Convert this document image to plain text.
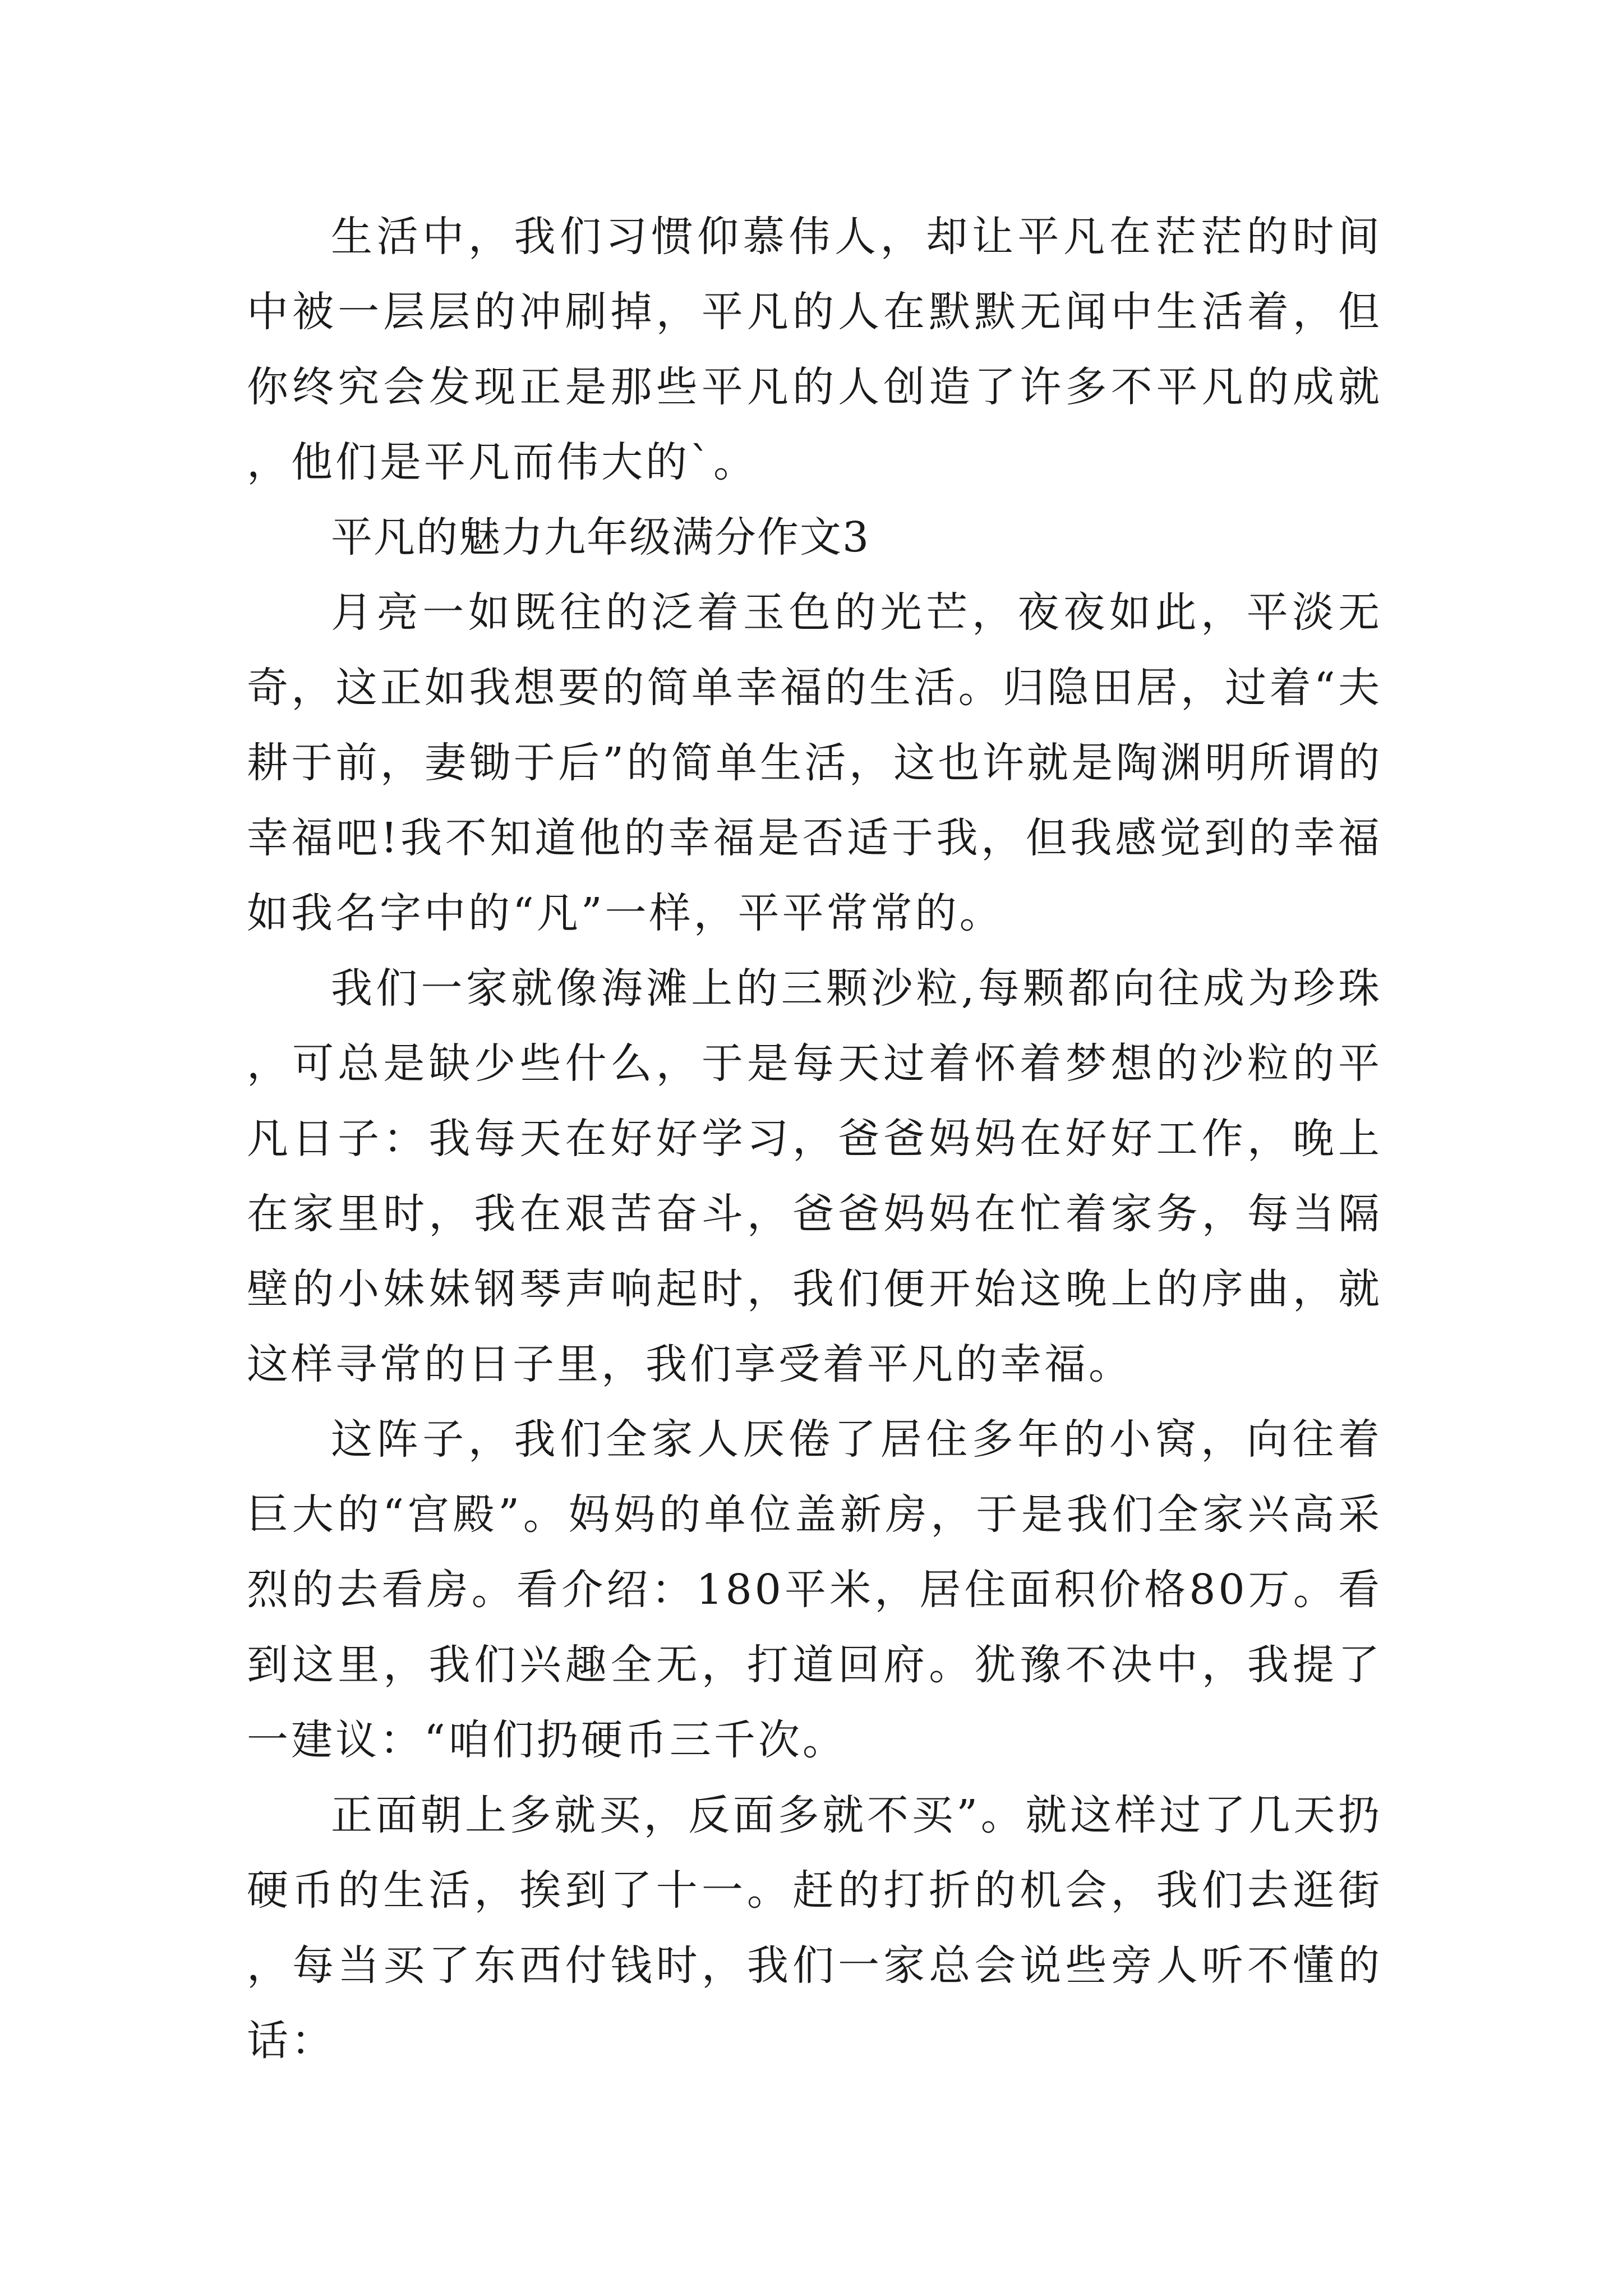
生活中，我们习惯仰慕伟人，却让平凡在茫茫的时间中被一层层的冲刷掉，平凡的人在默默无闻中生活着，但你终究会发现正是那些平凡的人创造了许多不平凡的成就，他们是平凡而伟大的`。

平凡的魅力九年级满分作文3

月亮一如既往的泛着玉色的光芒，夜夜如此，平淡无奇，这正如我想要的简单幸福的生活。归隐田居，过着“夫耕于前，妻锄于后”的简单生活，这也许就是陶渊明所谓的幸福吧!我不知道他的幸福是否适于我，但我感觉到的幸福如我名字中的“凡”一样，平平常常的。

我们一家就像海滩上的三颗沙粒,每颗都向往成为珍珠，可总是缺少些什么，于是每天过着怀着梦想的沙粒的平凡日子：我每天在好好学习，爸爸妈妈在好好工作，晚上在家里时，我在艰苦奋斗，爸爸妈妈在忙着家务，每当隔壁的小妹妹钢琴声响起时，我们便开始这晚上的序曲，就这样寻常的日子里，我们享受着平凡的幸福。

这阵子，我们全家人厌倦了居住多年的小窝，向往着巨大的“宫殿”。妈妈的单位盖新房，于是我们全家兴高采烈的去看房。看介绍：180平米，居住面积价格80万。看到这里，我们兴趣全无，打道回府。犹豫不决中，我提了一建议：“咱们扔硬币三千次。

正面朝上多就买，反面多就不买”。就这样过了几天扔硬币的生活，挨到了十一。赶的打折的机会，我们去逛街，每当买了东西付钱时，我们一家总会说些旁人听不懂的话：
